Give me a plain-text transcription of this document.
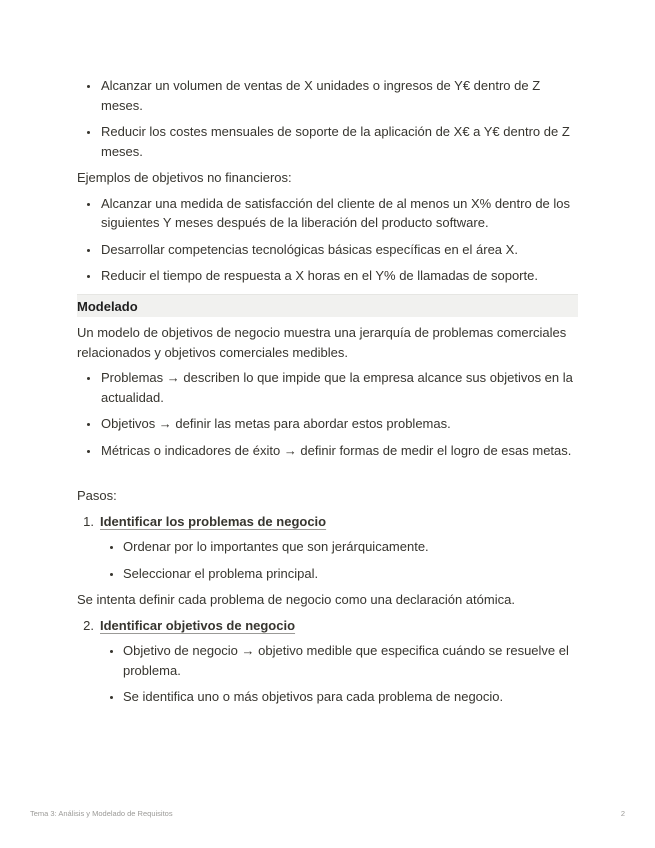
• Alcanzar un volumen de ventas de X unidades o ingresos de Y€ dentro de Z meses.
• Reducir los costes mensuales de soporte de la aplicación de X€ a Y€ dentro de Z meses.

Ejemplos de objetivos no financieros:

• Alcanzar una medida de satisfacción del cliente de al menos un X% dentro de los siguientes Y meses después de la liberación del producto software.
• Desarrollar competencias tecnológicas básicas específicas en el área X.
• Reducir el tiempo de respuesta a X horas en el Y% de llamadas de soporte.
Modelado

Un modelo de objetivos de negocio muestra una jerarquía de problemas comerciales relacionados y objetivos comerciales medibles.

• Problemas → describen lo que impide que la empresa alcance sus objetivos en la actualidad.
• Objetivos → definir las metas para abordar estos problemas.
• Métricas o indicadores de éxito → definir formas de medir el logro de esas metas.

Pasos:

1. Identificar los problemas de negocio
• Ordenar por lo importantes que son jerárquicamente.
• Seleccionar el problema principal.

Se intenta definir cada problema de negocio como una declaración atómica.

2. Identificar objetivos de negocio
• Objetivo de negocio → objetivo medible que especifica cuándo se resuelve el problema.
• Se identifica uno o más objetivos para cada problema de negocio.
Tema 3: Análisis y Modelado de Requisitos	2
